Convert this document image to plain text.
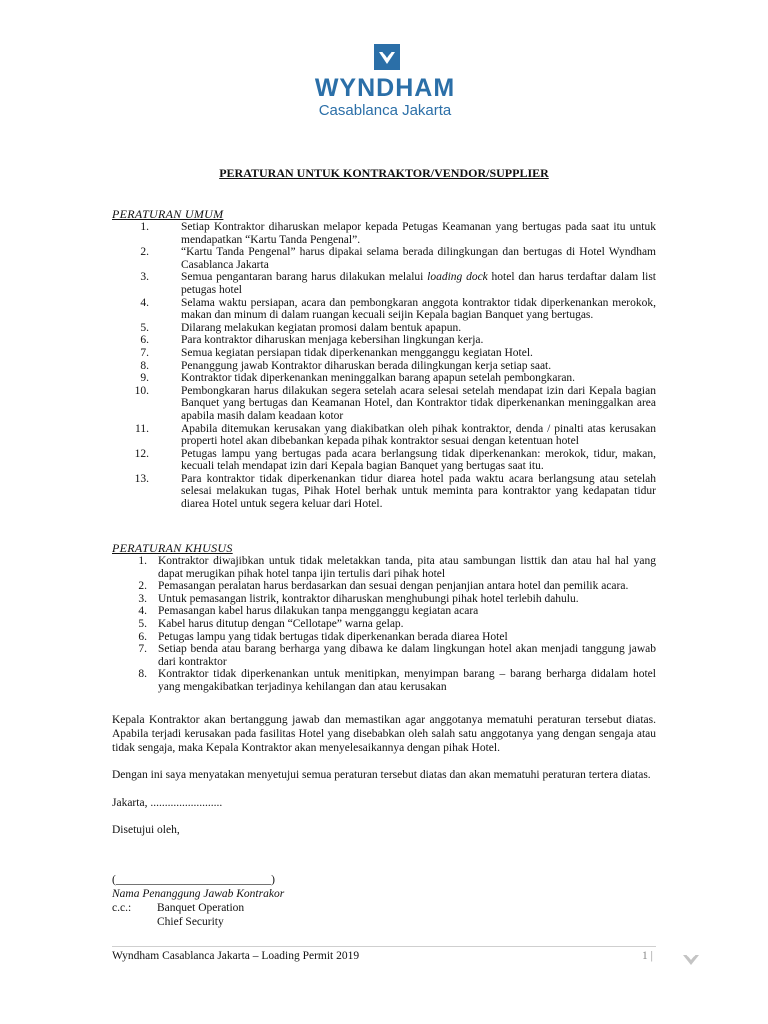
WYNDHAM
Casablanca Jakarta
PERATURAN UNTUK KONTRAKTOR/VENDOR/SUPPLIER
PERATURAN UMUM
1.	Setiap Kontraktor diharuskan melapor kepada Petugas Keamanan yang bertugas pada saat itu untuk mendapatkan “Kartu Tanda Pengenal”.
2.	“Kartu Tanda Pengenal” harus dipakai selama berada dilingkungan dan bertugas di Hotel Wyndham Casablanca Jakarta
3.	Semua pengantaran barang harus dilakukan melalui loading dock hotel dan harus terdaftar dalam list petugas hotel
4.	Selama waktu persiapan, acara dan pembongkaran anggota kontraktor tidak diperkenankan merokok, makan dan minum di dalam ruangan kecuali seijin Kepala bagian Banquet yang bertugas.
5.	Dilarang melakukan kegiatan promosi dalam bentuk apapun.
6.	Para kontraktor diharuskan menjaga kebersihan lingkungan kerja.
7.	Semua kegiatan persiapan tidak diperkenankan mengganggu kegiatan Hotel.
8.	Penanggung jawab Kontraktor diharuskan berada dilingkungan kerja setiap saat.
9.	Kontraktor tidak diperkenankan meninggalkan barang apapun setelah pembongkaran.
10.	Pembongkaran harus dilakukan segera setelah acara selesai setelah mendapat izin dari Kepala bagian Banquet yang bertugas dan Keamanan Hotel, dan Kontraktor tidak diperkenankan meninggalkan area apabila masih dalam keadaan kotor
11.	Apabila ditemukan kerusakan yang diakibatkan oleh pihak kontraktor, denda / pinalti atas kerusakan properti hotel akan dibebankan kepada pihak kontraktor sesuai dengan ketentuan hotel
12.	Petugas lampu yang bertugas pada acara berlangsung tidak diperkenankan: merokok, tidur, makan, kecuali telah mendapat izin dari Kepala bagian Banquet yang bertugas saat itu.
13.	Para kontraktor tidak diperkenankan tidur diarea hotel pada waktu acara berlangsung atau setelah selesai melakukan tugas, Pihak Hotel berhak untuk meminta para kontraktor yang kedapatan tidur diarea Hotel untuk segera keluar dari Hotel.
PERATURAN KHUSUS
1. Kontraktor diwajibkan untuk tidak meletakkan tanda, pita atau sambungan listtik dan atau hal hal yang dapat merugikan pihak hotel tanpa ijin tertulis dari pihak hotel
2. Pemasangan peralatan harus berdasarkan dan sesuai dengan penjanjian antara hotel dan pemilik acara.
3. Untuk pemasangan listrik, kontraktor diharuskan menghubungi pihak hotel terlebih dahulu.
4. Pemasangan kabel harus dilakukan tanpa mengganggu kegiatan acara
5. Kabel harus ditutup dengan “Cellotape” warna gelap.
6. Petugas lampu yang tidak bertugas tidak diperkenankan berada diarea Hotel
7. Setiap benda atau barang berharga yang dibawa ke dalam lingkungan hotel akan menjadi tanggung jawab dari kontraktor
8. Kontraktor tidak diperkenankan untuk menitipkan, menyimpan barang – barang berharga didalam hotel yang mengakibatkan terjadinya kehilangan dan atau kerusakan
Kepala Kontraktor akan bertanggung jawab dan memastikan agar anggotanya mematuhi peraturan tersebut diatas. Apabila terjadi kerusakan pada fasilitas Hotel yang disebabkan oleh salah satu anggotanya yang dengan sengaja atau tidak sengaja, maka Kepala Kontraktor akan menyelesaikannya dengan pihak Hotel.
Dengan ini saya menyatakan menyetujui semua peraturan tersebut diatas dan akan mematuhi peraturan tertera diatas.
Jakarta, .........................
Disetujui oleh,
(___________________________)
Nama Penanggung Jawab Kontrakor
c.c.: Banquet Operation
Chief Security
Wyndham Casablanca Jakarta – Loading Permit 2019	1 |
